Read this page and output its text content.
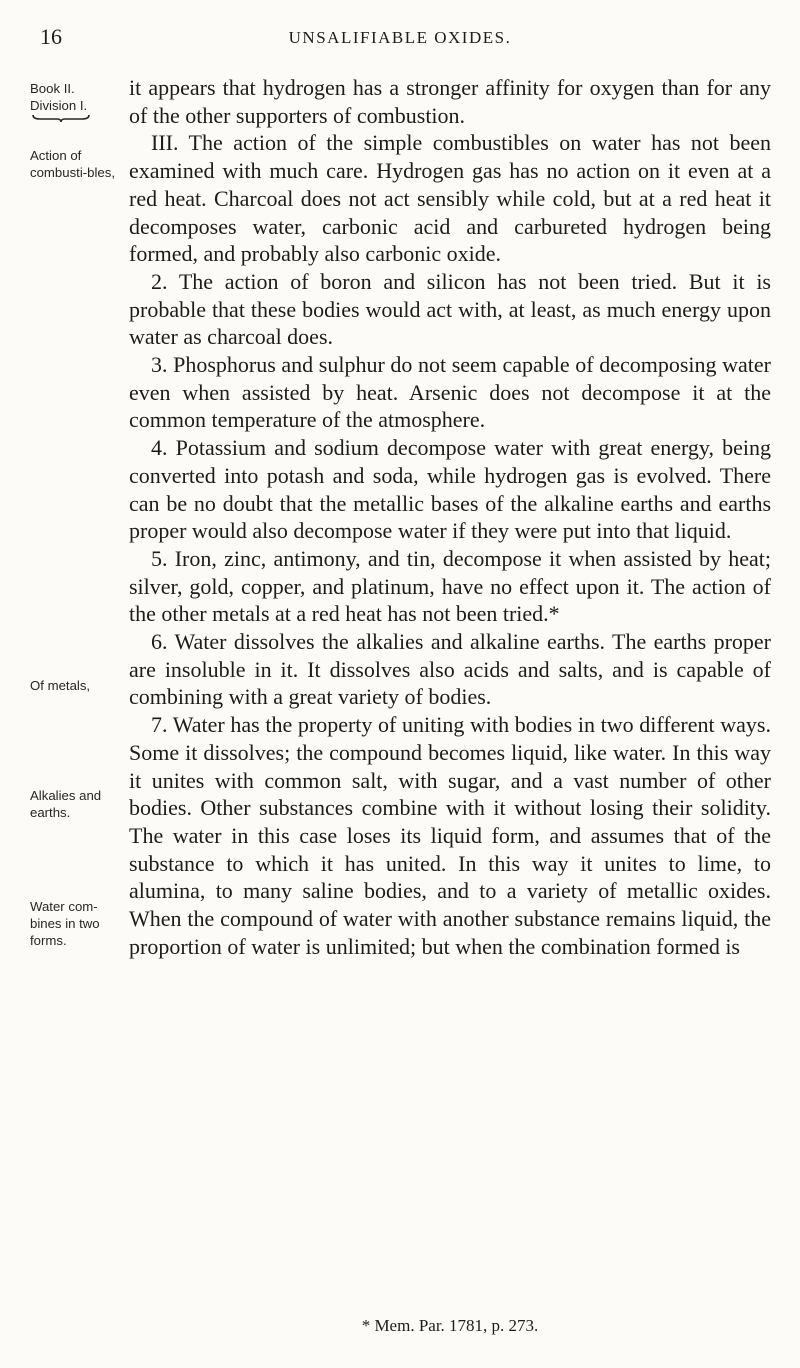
16	UNSALIFIABLE OXIDES.
Book II.
Division I.
Action of combusti-bles,
Of metals,
Alkalies and earths.
Water com-bines in two forms.

it appears that hydrogen has a stronger affinity for oxygen than for any of the other supporters of combustion.

III. The action of the simple combustibles on water has not been examined with much care. Hydrogen gas has no action on it even at a red heat. Charcoal does not act sensibly while cold, but at a red heat it decomposes water, carbonic acid and carbureted hydrogen being formed, and probably also carbonic oxide.

2. The action of boron and silicon has not been tried. But it is probable that these bodies would act with, at least, as much energy upon water as charcoal does.

3. Phosphorus and sulphur do not seem capable of decomposing water even when assisted by heat. Arsenic does not decompose it at the common temperature of the atmosphere.

4. Potassium and sodium decompose water with great energy, being converted into potash and soda, while hydrogen gas is evolved. There can be no doubt that the metallic bases of the alkaline earths and earths proper would also decompose water if they were put into that liquid.

5. Iron, zinc, antimony, and tin, decompose it when assisted by heat; silver, gold, copper, and platinum, have no effect upon it. The action of the other metals at a red heat has not been tried.*

6. Water dissolves the alkalies and alkaline earths. The earths proper are insoluble in it. It dissolves also acids and salts, and is capable of combining with a great variety of bodies.

7. Water has the property of uniting with bodies in two different ways. Some it dissolves; the compound becomes liquid, like water. In this way it unites with common salt, with sugar, and a vast number of other bodies. Other substances combine with it without losing their solidity. The water in this case loses its liquid form, and assumes that of the substance to which it has united. In this way it unites to lime, to alumina, to many saline bodies, and to a variety of metallic oxides. When the compound of water with another substance remains liquid, the proportion of water is unlimited; but when the combination formed is

* Mem. Par. 1781, p. 273.
